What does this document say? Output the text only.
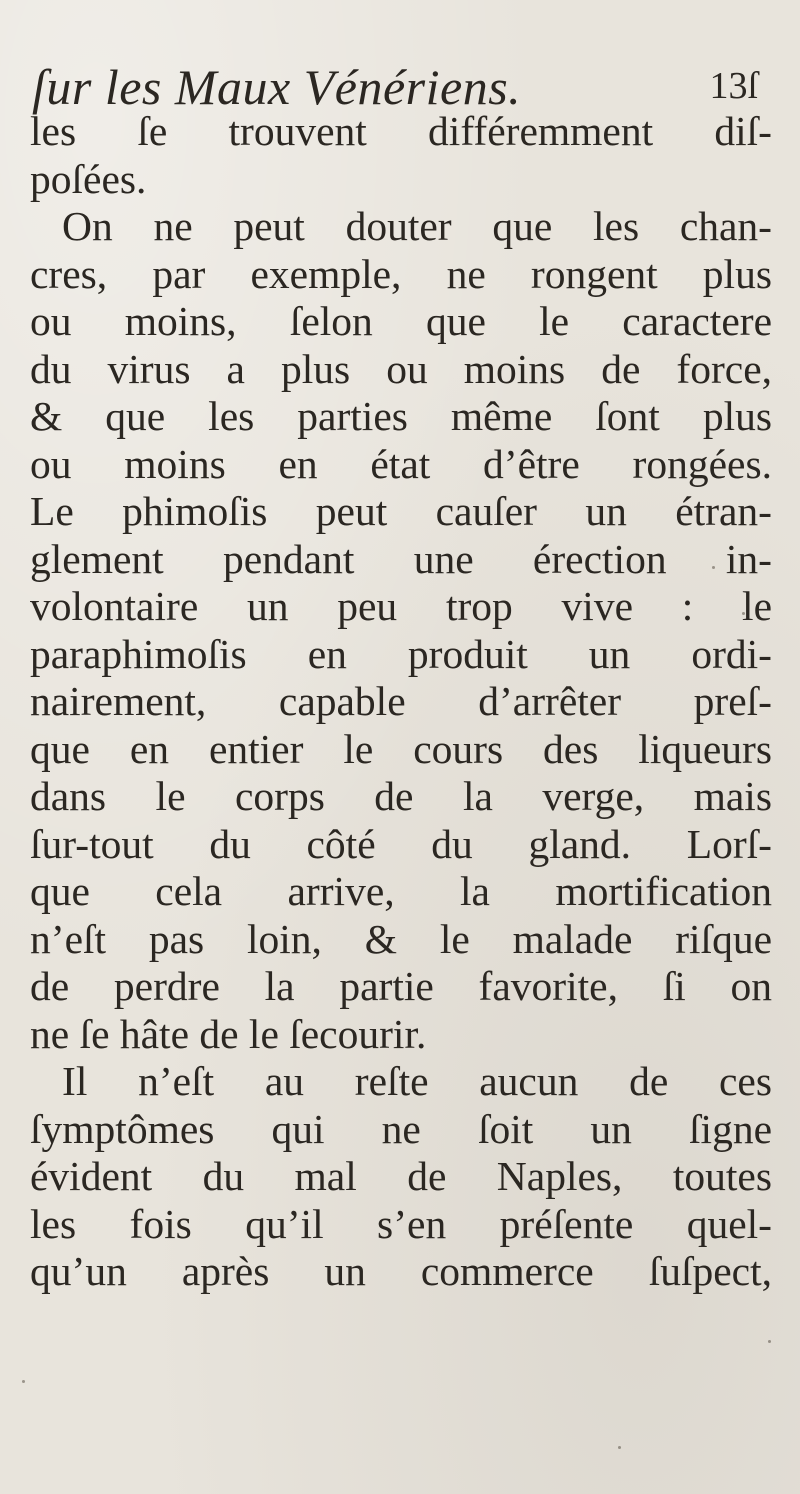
ſur les Maux Vénériens.	13ſ
les ſe trouvent différemment diſ-
poſées.
On ne peut douter que les chan-
cres, par exemple, ne rongent plus
ou moins, ſelon que le caractere
du virus a plus ou moins de force,
& que les parties même ſont plus
ou moins en état d’être rongées.
Le phimoſis peut cauſer un étran-
glement pendant une érection in-
volontaire un peu trop vive : le
paraphimoſis en produit un ordi-
nairement, capable d’arrêter preſ-
que en entier le cours des liqueurs
dans le corps de la verge, mais
ſur-tout du côté du gland. Lorſ-
que cela arrive, la mortification
n’eſt pas loin, & le malade riſque
de perdre la partie favorite, ſi on
ne ſe hâte de le ſecourir.
Il n’eſt au reſte aucun de ces
ſymptômes qui ne ſoit un ſigne
évident du mal de Naples, toutes
les fois qu’il s’en préſente quel-
qu’un après un commerce ſuſpect,
